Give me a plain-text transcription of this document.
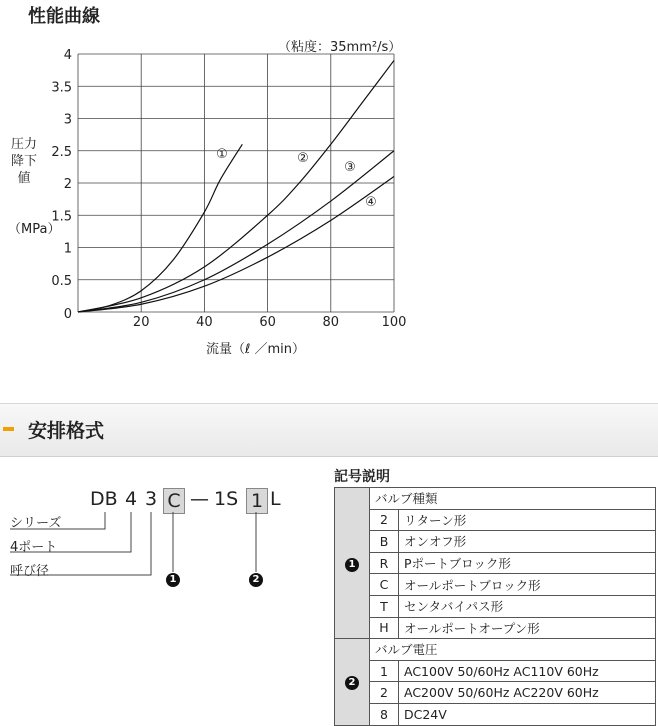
性能曲線
（粘度：35mm²/s）
0
0.5
1
1.5
2
2.5
3
3.5
4
20	40	60	80	100
①	②
③
④
圧力降下値
（MPa）
流量（ℓ ／min）
安排格式
DB 4 3 C — 1S 1 L
シリーズ
4ポート
呼び径
1	2
記号説明
1	バルブ種類	
	2	リターン形
	B	オンオフ形
	R	Pポートブロック形
	C	オールポートブロック形
	T	センタバイパス形
	H	オールポートオープン形
2	バルブ電圧	
	1	AC100V 50/60Hz AC110V 60Hz
	2	AC200V 50/60Hz AC220V 60Hz
	8	DC24V
